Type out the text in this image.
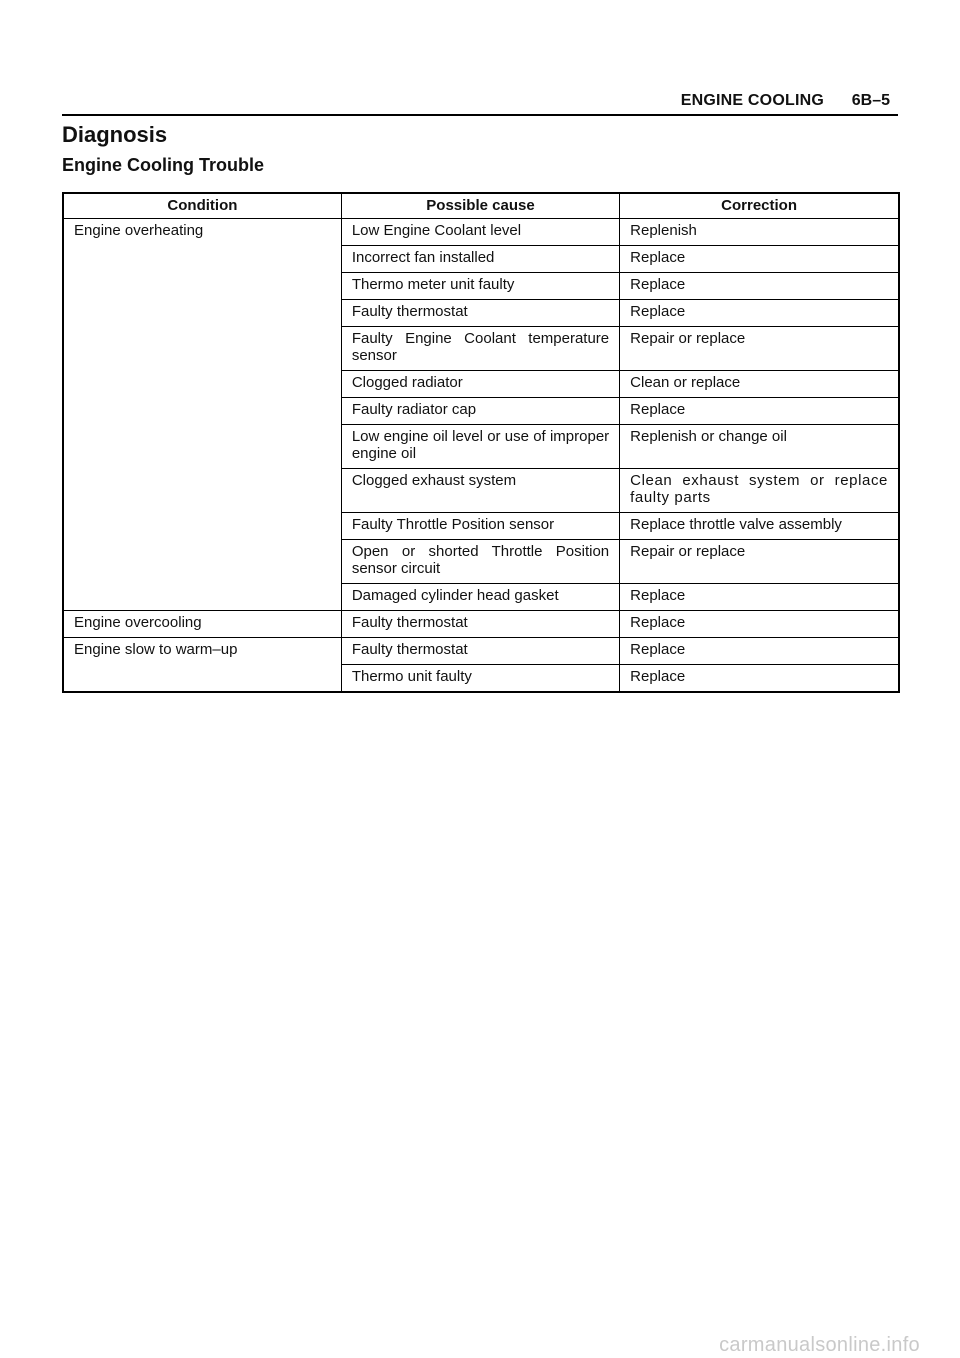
ENGINE COOLING 6B–5
Diagnosis
Engine Cooling Trouble
Condition	Possible cause	Correction
Engine overheating	Low Engine Coolant level	Replenish
	Incorrect fan installed	Replace
	Thermo meter unit faulty	Replace
	Faulty thermostat	Replace
	Faulty Engine Coolant temperature sensor	Repair or replace
	Clogged radiator	Clean or replace
	Faulty radiator cap	Replace
	Low engine oil level or use of improper engine oil	Replenish or change oil
	Clogged exhaust system	Clean exhaust system or replace faulty parts
	Faulty Throttle Position sensor	Replace throttle valve assembly
	Open or shorted Throttle Position sensor circuit	Repair or replace
	Damaged cylinder head gasket	Replace
Engine overcooling	Faulty thermostat	Replace
Engine slow to warm–up	Faulty thermostat	Replace
	Thermo unit faulty	Replace
carmanualsonline.info
